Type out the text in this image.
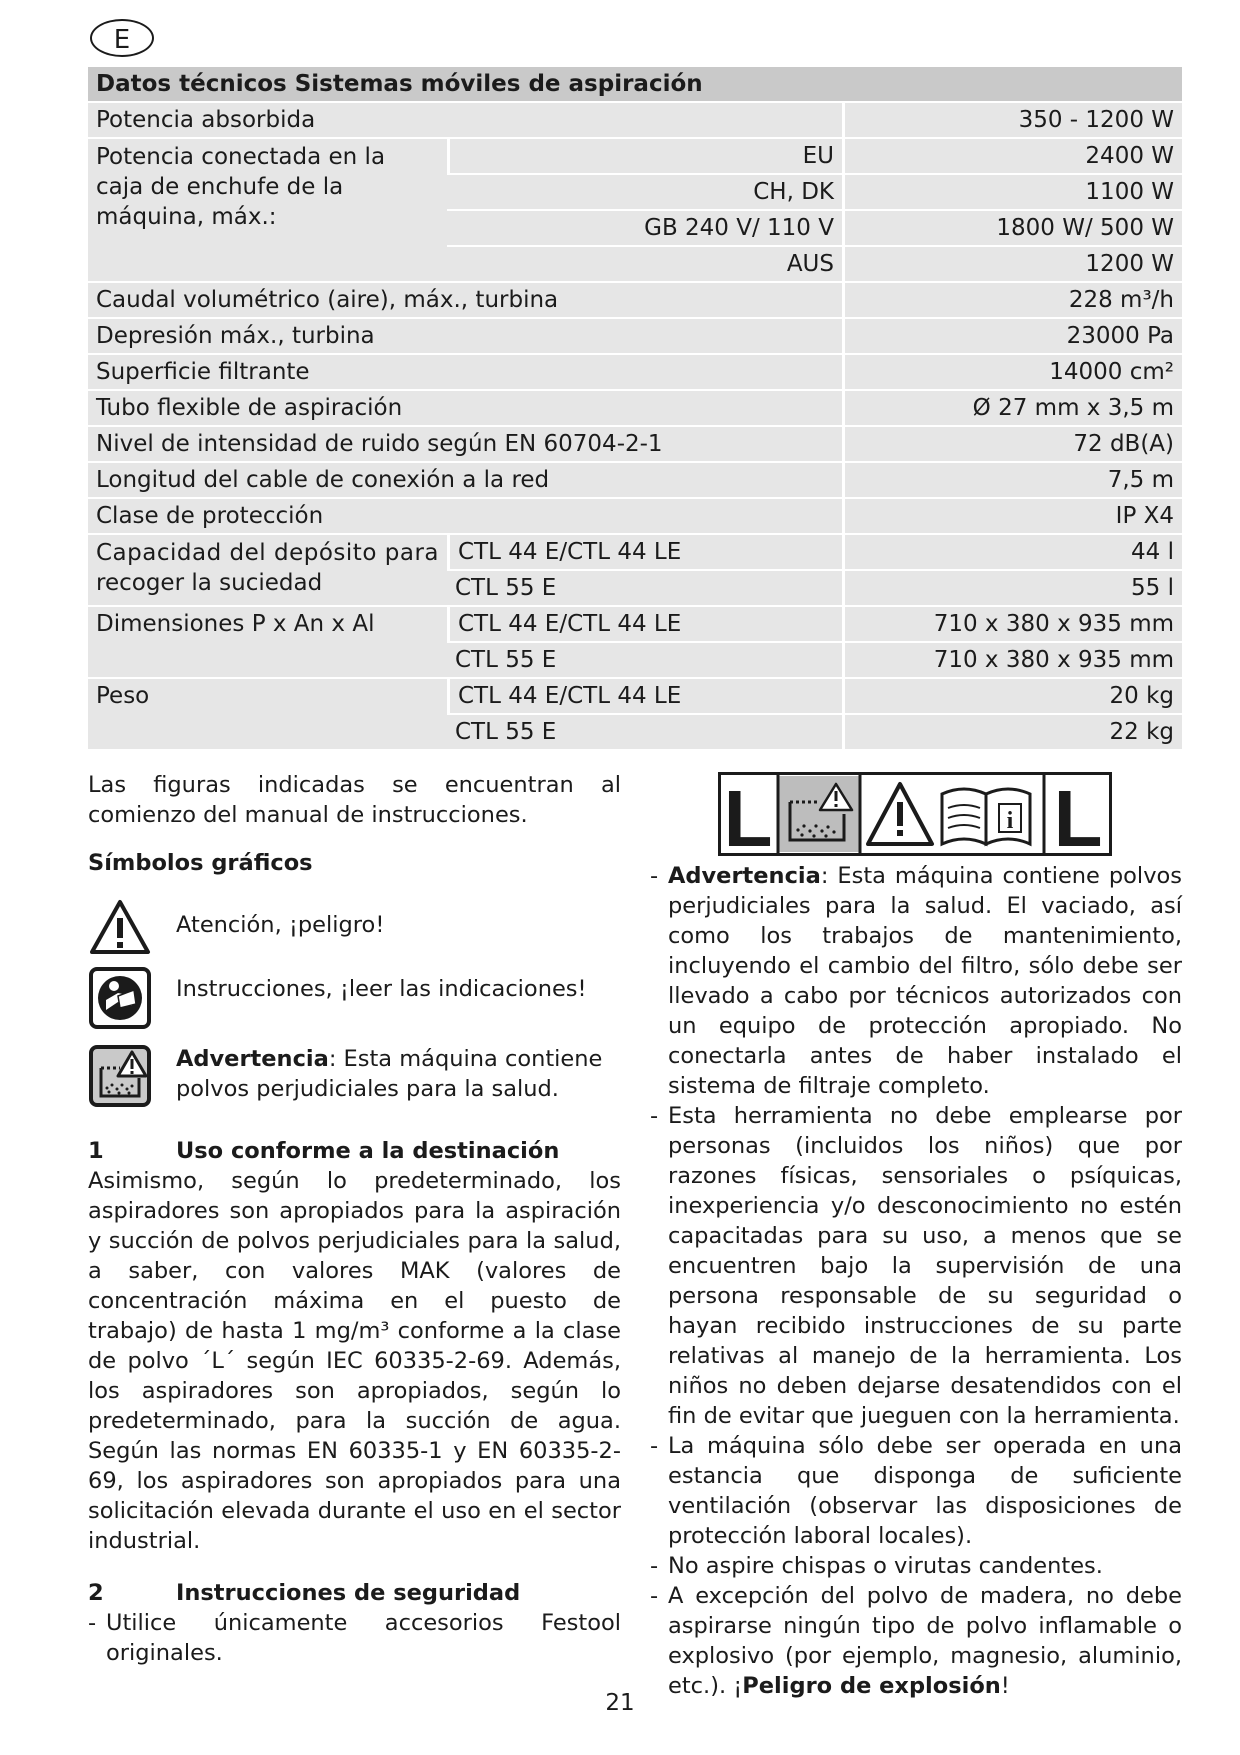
E
Datos técnicos Sistemas móviles de aspiración		
Potencia absorbida		350 - 1200 W
Potencia conectada en la caja de enchufe de la máquina, máx.:	EU	2400 W
	CH, DK	1100 W
	GB 240 V/ 110 V	1800 W/ 500 W
	AUS	1200 W
Caudal volumétrico (aire), máx., turbina		228 m³/h
Depresión máx., turbina		23000 Pa
Superficie filtrante		14000 cm²
Tubo flexible de aspiración		Ø 27 mm x 3,5 m
Nivel de intensidad de ruido según EN 60704-2-1		72 dB(A)
Longitud del cable de conexión a la red		7,5 m
Clase de protección		IP X4

Capacidad del depósito para
recoger la suciedad	CTL 44 E/CTL 44 LE	44 l
	CTL 55 E	55 l
Dimensiones P x An x Al	CTL 44 E/CTL 44 LE	710 x 380 x 935 mm
	CTL 55 E	710 x 380 x 935 mm
Peso	CTL 44 E/CTL 44 LE	20 kg
	CTL 55 E	22 kg

Las figuras indicadas se encuentran al comienzo del manual de instrucciones.

Símbolos gráficos

Atención, ¡peligro!

Instrucciones, ¡leer las indicaciones!

Advertencia: Esta máquina contiene polvos perjudiciales para la salud.

1	Uso conforme a la destinación

Asimismo, según lo predeterminado, los aspiradores son apropiados para la aspiración y succión de polvos perjudiciales para la salud, a saber, con valores MAK (valores de concentración máxima en el puesto de trabajo) de hasta 1 mg/m³ conforme a la clase de polvo ´L´ según IEC 60335-2-69. Además, los aspiradores son apropiados, según lo predeterminado, para la succión de agua. Según las normas EN 60335-1 y EN 60335-2-69, los aspiradores son apropiados para una solicitación elevada durante el uso en el sector industrial.

2	Instrucciones de seguridad
- Utilice únicamente accesorios Festool originales.
L	L
i
- Advertencia: Esta máquina contiene polvos perjudiciales para la salud. El vaciado, así como los trabajos de mantenimiento, incluyendo el cambio del filtro, sólo debe ser llevado a cabo por técnicos autorizados con un equipo de protección apropiado. No conectarla antes de haber instalado el sistema de filtraje completo.
- Esta herramienta no debe emplearse por personas (incluidos los niños) que por razones físicas, sensoriales o psíquicas, inexperiencia y/o desconocimiento no estén capacitadas para su uso, a menos que se encuentren bajo la supervisión de una persona responsable de su seguridad o hayan recibido instrucciones de su parte relativas al manejo de la herramienta. Los niños no deben dejarse desatendidos con el fin de evitar que jueguen con la herramienta.
- La máquina sólo debe ser operada en una estancia que disponga de suficiente ventilación (observar las disposiciones de protección laboral locales).
- No aspire chispas o virutas candentes.
- A excepción del polvo de madera, no debe aspirarse ningún tipo de polvo inflamable o explosivo (por ejemplo, magnesio, aluminio, etc.). ¡Peligro de explosión!
21
